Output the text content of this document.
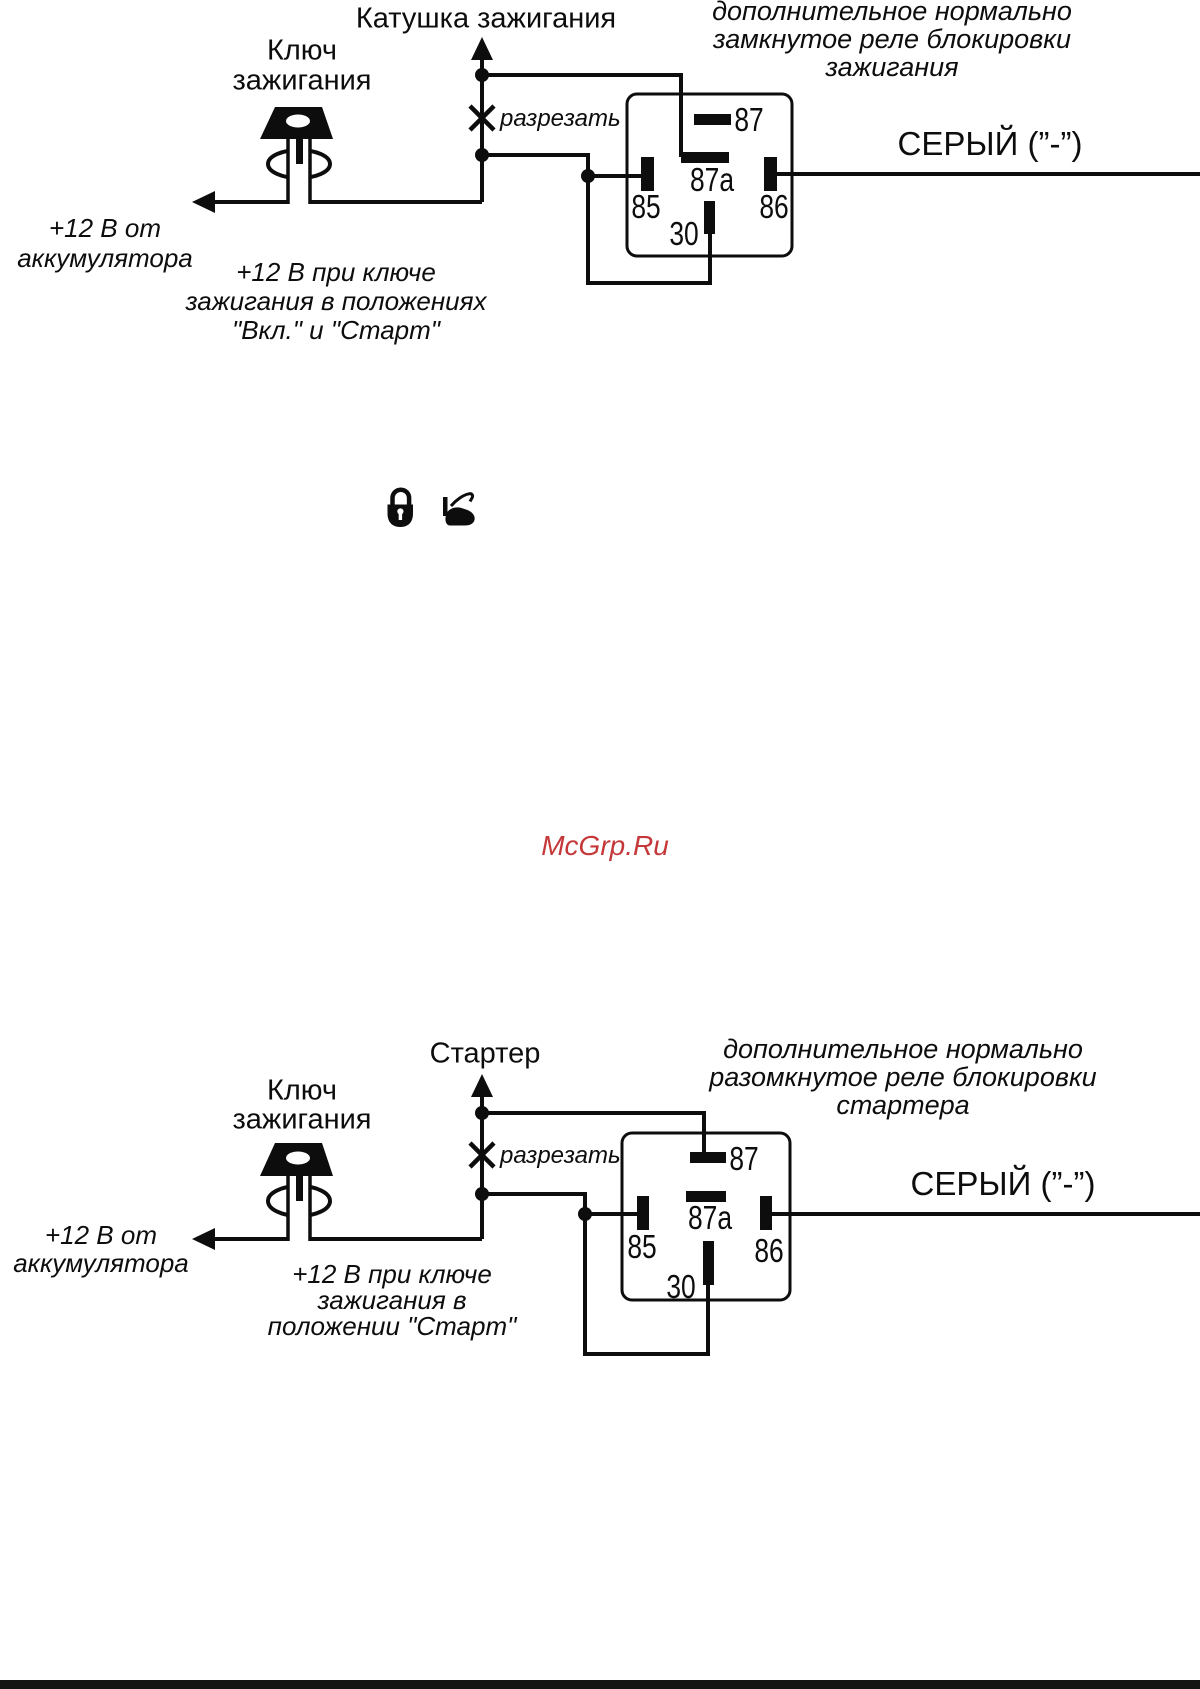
Катушка зажигания
Ключ
зажигания
разрезать
дополнительное нормально
замкнутое реле блокировки
зажигания
СЕРЫЙ (”-”)
87
87a
85	86
30
+12 В от
аккумулятора	+12 В при ключе
зажигания в положениях
"Вкл." и "Старт"
McGrp.Ru
Стартер
Ключ
зажигания
разрезать
дополнительное нормально
разомкнутое реле блокировки
стартера
СЕРЫЙ (”-”)
87
87a
85	86
30
+12 В от
аккумулятора	+12 В при ключе
зажигания в
положении "Старт"
